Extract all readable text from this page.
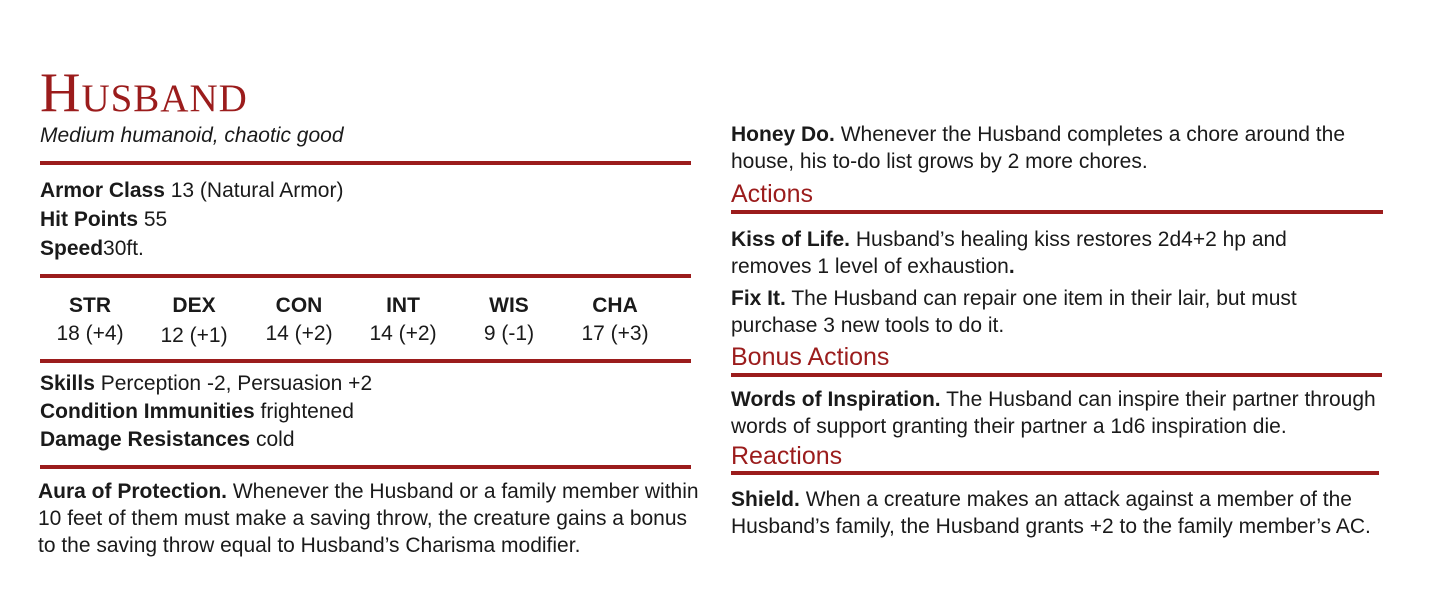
Husband
Medium humanoid, chaotic good
Armor Class 13 (Natural Armor)
Hit Points 55
Speed30ft.
STR
18 (+4)
DEX
12 (+1)
CON
14 (+2)
INT
14 (+2)
WIS
9 (-1)
CHA
17 (+3)
Skills Perception -2, Persuasion +2
Condition Immunities frightened
Damage Resistances cold
Aura of Protection. Whenever the Husband or a family member within 10 feet of them must make a saving throw, the creature gains a bonus to the saving throw equal to Husband’s Charisma modifier.
Honey Do. Whenever the Husband completes a chore around the house, his to-do list grows by 2 more chores.
Actions
Kiss of Life. Husband’s healing kiss restores 2d4+2 hp and removes 1 level of exhaustion.
Fix It. The Husband can repair one item in their lair, but must purchase 3 new tools to do it.
Bonus Actions
Words of Inspiration. The Husband can inspire their partner through words of support granting their partner a 1d6 inspiration die.
Reactions
Shield. When a creature makes an attack against a member of the Husband’s family, the Husband grants +2 to the family member’s AC.
